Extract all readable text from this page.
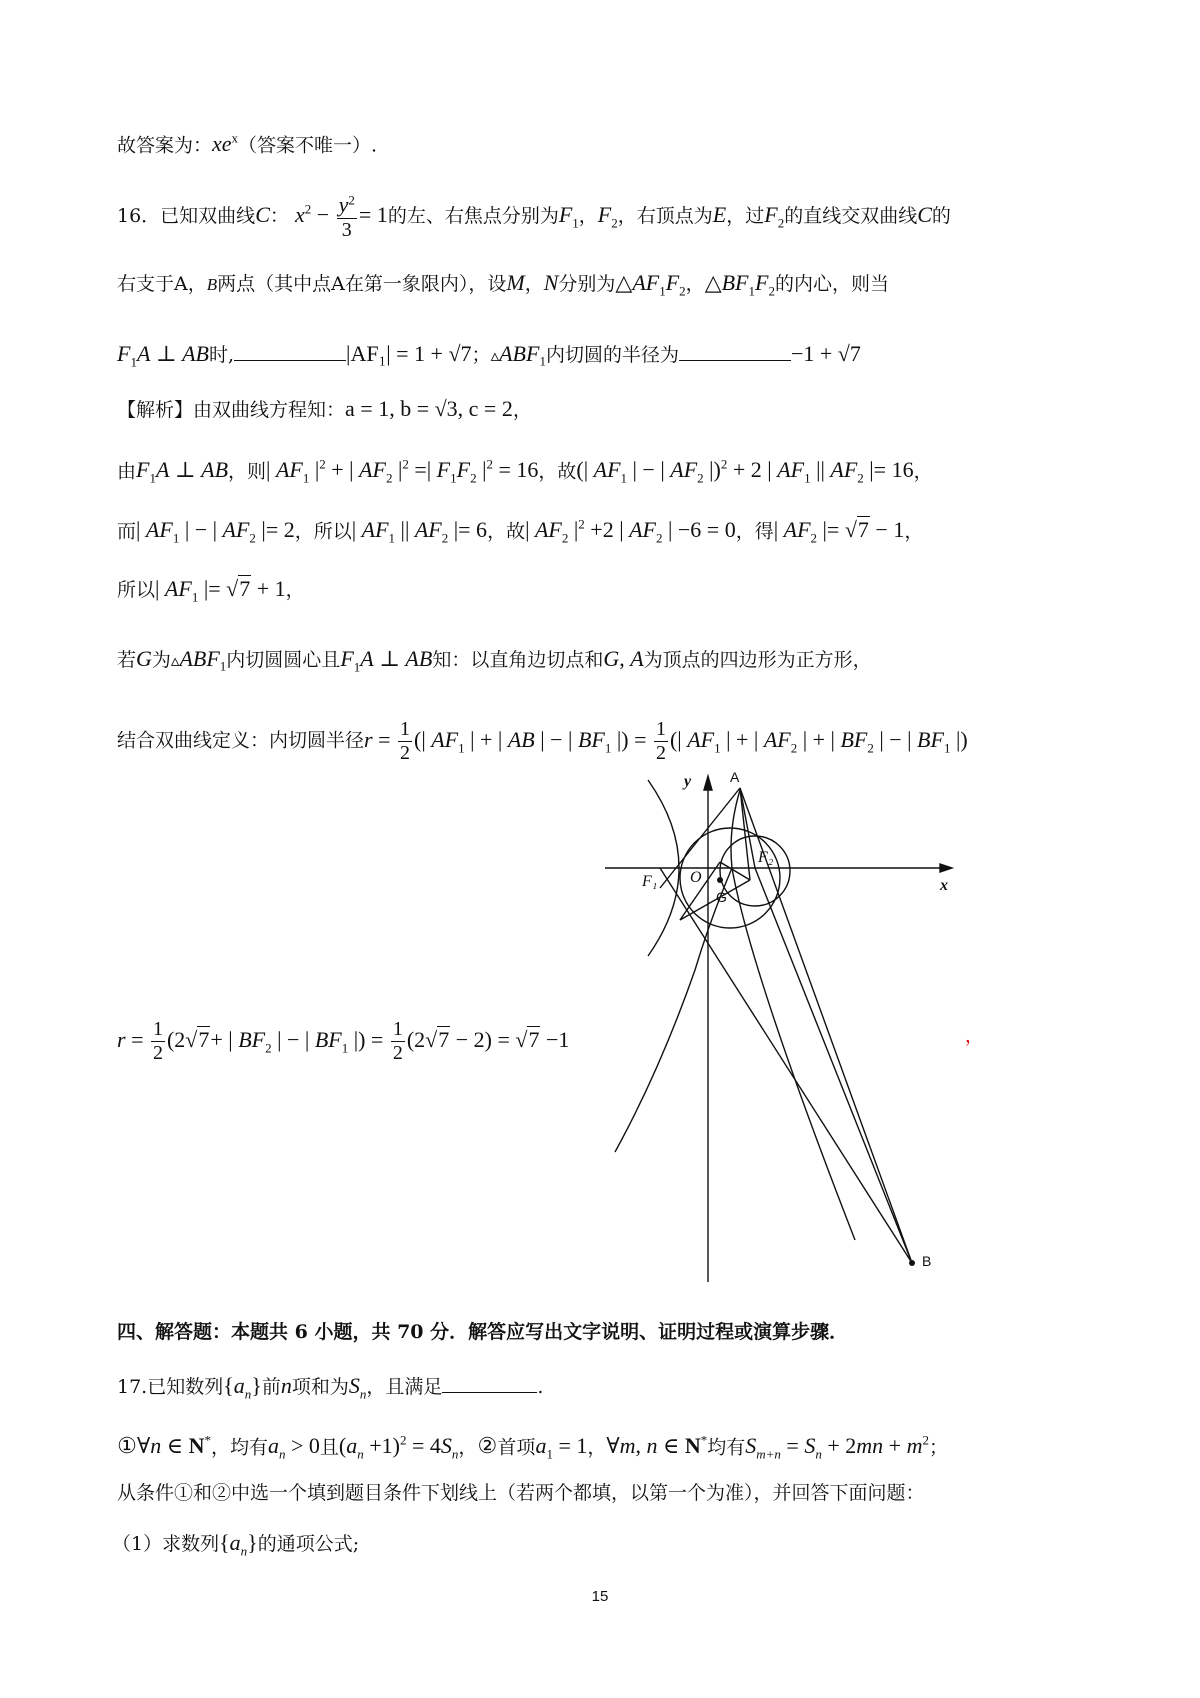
故答案为：$xe^x$（答案不唯一）.
16．已知双曲线C： $x^2 - \frac{y^2}{3} = 1$的左、右焦点分别为$F_1$，$F_2$，右顶点为E，过$F_2$的直线交双曲线C的
右支于A，B两点（其中点A在第一象限内），设M，N分别为$\triangle AF_1F_2$，$\triangle BF_1F_2$的内心，则当
$F_1A$ ⊥ AB时,	|AF₁| = 1 + √7；$▵ABF_1$内切圆的半径为	−1 + √7
【解析】由双曲线方程知：a = 1, b = √3, c = 2，
由$F_1A$ ⊥ AB，则| $AF_1$ $|^2$ + | $AF_2$ $|^2$ =| $F_1F_2$ $|^2 = 16$，故(| $AF_1$ | − | $AF_2$ |)$^2$ + 2 | $AF_1$ || $AF_2$ |= 16，
而| $AF_1$ | − | $AF_2$ |= 2，所以| $AF_1$ || $AF_2$ |= 6，故| $AF_2$ $|^2 +2$ | $AF_2$ | −6 = 0，得| $AF_2$ |= √7 − 1，
所以| $AF_1$ |= √7 + 1，
若G为$▵ABF_1$内切圆圆心且$F_1A$ ⊥ AB知：以直角边切点和G, A为顶点的四边形为正方形，
结合双曲线定义：内切圆半径$r = \frac{1}{2}$ (| $AF_1$ | + | AB | − | $BF_1$ |) = $\frac{1}{2}$ (| $AF_1$ | + | $AF_2$ | + | $BF_2$ | − | $BF_1$ |)
$r = \frac{1}{2} (2√7+$ | $BF_2$ | − | $BF_1$ |) = $\frac{1}{2} (2√7 - 2) = √7 -1$	，
y
x
A
F₂
F₁ O
G
B
四、解答题：本题共 6 小题，共 70 分．解答应写出文字说明、证明过程或演算步骤．
17.已知数列$\{a_n\}$前n项和为$S_n$，且满足	.
①∀n ∈ N*，均有$a_n > 0$且$(a_n +1)^2 = 4S_n$，②首项$a_1 = 1$，∀m, n ∈ N*均有$S_{m+n} = S_n + 2mn + m^2$；
从条件①和②中选一个填到题目条件下划线上（若两个都填，以第一个为准），并回答下面问题：
（1）求数列$\{a_n\}$的通项公式;
15
